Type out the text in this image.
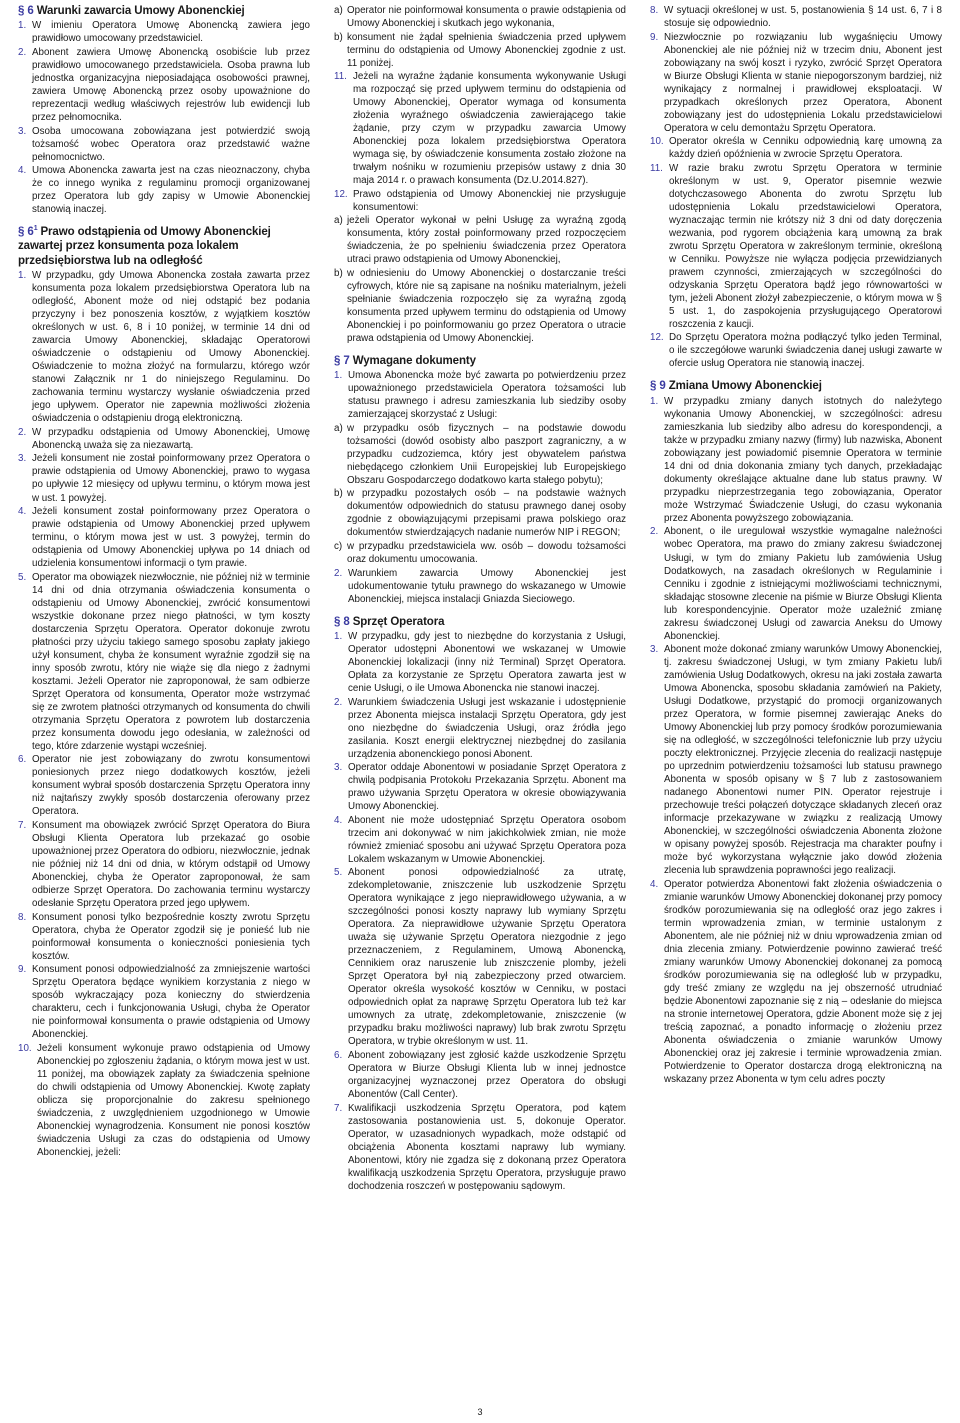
§ 6 Warunki zawarcia Umowy Abonenckiej
1. W imieniu Operatora Umowę Abonencką zawiera jego prawidłowo umocowany przedstawiciel.
2. Abonent zawiera Umowę Abonencką osobiście lub przez prawidłowo umocowanego przedstawiciela. Osoba prawna lub jednostka organizacyjna nieposiadająca osobowości prawnej, zawiera Umowę Abonencką przez osoby upoważnione do reprezentacji według właściwych rejestrów lub ewidencji lub przez pełnomocnika.
3. Osoba umocowana zobowiązana jest potwierdzić swoją tożsamość wobec Operatora oraz przedstawić ważne pełnomocnictwo.
4. Umowa Abonencka zawarta jest na czas nieoznaczony, chyba że co innego wynika z regulaminu promocji organizowanej przez Operatora lub gdy zapisy w Umowie Abonenckiej stanowią inaczej.
§ $6^1$ Prawo odstąpienia od Umowy Abonenckiej zawartej przez konsumenta poza lokalem przedsiębiorstwa lub na odległość
1. W przypadku, gdy Umowa Abonencka została zawarta przez konsumenta poza lokalem przedsiębiorstwa Operatora lub na odległość, Abonent może od niej odstąpić bez podania przyczyny i bez ponoszenia kosztów, z wyjątkiem kosztów określonych w ust. 6, 8 i 10 poniżej, w terminie 14 dni od zawarcia Umowy Abonenckiej, składając Operatorowi oświadczenie o odstąpieniu od Umowy Abonenckiej. Oświadczenie to można złożyć na formularzu, którego wzór stanowi Załącznik nr 1 do niniejszego Regulaminu. Do zachowania terminu wystarczy wysłanie oświadczenia przed jego upływem. Operator nie zapewnia możliwości złożenia oświadczenia o odstąpieniu drogą elektroniczną.
2. W przypadku odstąpienia od Umowy Abonenckiej, Umowę Abonencką uważa się za niezawartą.
3. Jeżeli konsument nie został poinformowany przez Operatora o prawie odstąpienia od Umowy Abonenckiej, prawo to wygasa po upływie 12 miesięcy od upływu terminu, o którym mowa jest w ust. 1 powyżej.
4. Jeżeli konsument został poinformowany przez Operatora o prawie odstąpienia od Umowy Abonenckiej przed upływem terminu, o którym mowa jest w ust. 3 powyżej, termin do odstąpienia od Umowy Abonenckiej upływa po 14 dniach od udzielenia konsumentowi informacji o tym prawie.
5. Operator ma obowiązek niezwłocznie, nie później niż w terminie 14 dni od dnia otrzymania oświadczenia konsumenta o odstąpieniu od Umowy Abonenckiej, zwrócić konsumentowi wszystkie dokonane przez niego płatności, w tym koszty dostarczenia Sprzętu Operatora. Operator dokonuje zwrotu płatności przy użyciu takiego samego sposobu zapłaty jakiego użył konsument, chyba że konsument wyraźnie zgodził się na inny sposób zwrotu, który nie wiąże się dla niego z żadnymi kosztami. Jeżeli Operator nie zaproponował, że sam odbierze Sprzęt Operatora od konsumenta, Operator może wstrzymać się ze zwrotem płatności otrzymanych od konsumenta do chwili otrzymania Sprzętu Operatora z powrotem lub dostarczenia przez konsumenta dowodu jego odesłania, w zależności od tego, które zdarzenie wystąpi wcześniej.
6. Operator nie jest zobowiązany do zwrotu konsumentowi poniesionych przez niego dodatkowych kosztów, jeżeli konsument wybrał sposób dostarczenia Sprzętu Operatora inny niż najtańszy zwykły sposób dostarczenia oferowany przez Operatora.
7. Konsument ma obowiązek zwrócić Sprzęt Operatora do Biura Obsługi Klienta Operatora lub przekazać go osobie upoważnionej przez Operatora do odbioru, niezwłocznie, jednak nie później niż 14 dni od dnia, w którym odstąpił od Umowy Abonenckiej, chyba że Operator zaproponował, że sam odbierze Sprzęt Operatora. Do zachowania terminu wystarczy odesłanie Sprzętu Operatora przed jego upływem.
8. Konsument ponosi tylko bezpośrednie koszty zwrotu Sprzętu Operatora, chyba że Operator zgodził się je ponieść lub nie poinformował konsumenta o konieczności poniesienia tych kosztów.
9. Konsument ponosi odpowiedzialność za zmniejszenie wartości Sprzętu Operatora będące wynikiem korzystania z niego w sposób wykraczający poza konieczny do stwierdzenia charakteru, cech i funkcjonowania Usługi, chyba że Operator nie poinformował konsumenta o prawie odstąpienia od Umowy Abonenckiej.
10. Jeżeli konsument wykonuje prawo odstąpienia od Umowy Abonenckiej po zgłoszeniu żądania, o którym mowa jest w ust. 11 poniżej, ma obowiązek zapłaty za świadczenia spełnione do chwili odstąpienia od Umowy Abonenckiej. Kwotę zapłaty oblicza się proporcjonalnie do zakresu spełnionego świadczenia, z uwzględnieniem uzgodnionego w Umowie Abonenckiej wynagrodzenia. Konsument nie ponosi kosztów świadczenia Usługi za czas do odstąpienia od Umowy Abonenckiej, jeżeli:
a) Operator nie poinformował konsumenta o prawie odstąpienia od Umowy Abonenckiej i skutkach jego wykonania,
b) konsument nie żądał spełnienia świadczenia przed upływem terminu do odstąpienia od Umowy Abonenckiej zgodnie z ust. 11 poniżej.
11. Jeżeli na wyraźne żądanie konsumenta wykonywanie Usługi ma rozpocząć się przed upływem terminu do odstąpienia od Umowy Abonenckiej, Operator wymaga od konsumenta złożenia wyraźnego oświadczenia zawierającego takie żądanie, przy czym w przypadku zawarcia Umowy Abonenckiej poza lokalem przedsiębiorstwa Operatora wymaga się, by oświadczenie konsumenta zostało złożone na trwałym nośniku w rozumieniu przepisów ustawy z dnia 30 maja 2014 r. o prawach konsumenta (Dz.U.2014.827).
12. Prawo odstąpienia od Umowy Abonenckiej nie przysługuje konsumentowi:
a) jeżeli Operator wykonał w pełni Usługę za wyraźną zgodą konsumenta, który został poinformowany przed rozpoczęciem świadczenia, że po spełnieniu świadczenia przez Operatora utraci prawo odstąpienia od Umowy Abonenckiej,
b) w odniesieniu do Umowy Abonenckiej o dostarczanie treści cyfrowych, które nie są zapisane na nośniku materialnym, jeżeli spełnianie świadczenia rozpoczęło się za wyraźną zgodą konsumenta przed upływem terminu do odstąpienia od Umowy Abonenckiej i po poinformowaniu go przez Operatora o utracie prawa odstąpienia od Umowy Abonenckiej.
§ 7 Wymagane dokumenty
1. Umowa Abonencka może być zawarta po potwierdzeniu przez upoważnionego przedstawiciela Operatora tożsamości lub statusu prawnego i adresu zamieszkania lub siedziby osoby zamierzającej skorzystać z Usługi:
a) w przypadku osób fizycznych – na podstawie dowodu tożsamości (dowód osobisty albo paszport zagraniczny, a w przypadku cudzoziemca, który jest obywatelem państwa niebędącego członkiem Unii Europejskiej lub Europejskiego Obszaru Gospodarczego dodatkowo karta stałego pobytu);
b) w przypadku pozostałych osób – na podstawie ważnych dokumentów odpowiednich do statusu prawnego danej osoby zgodnie z obowiązującymi przepisami prawa polskiego oraz dokumentów stwierdzających nadanie numerów NIP i REGON;
c) w przypadku przedstawiciela ww. osób – dowodu tożsamości oraz dokumentu umocowania.
2. Warunkiem zawarcia Umowy Abonenckiej jest udokumentowanie tytułu prawnego do wskazanego w Umowie Abonenckiej, miejsca instalacji Gniazda Sieciowego.
§ 8 Sprzęt Operatora
1. W przypadku, gdy jest to niezbędne do korzystania z Usługi, Operator udostępni Abonentowi we wskazanej w Umowie Abonenckiej lokalizacji (inny niż Terminal) Sprzęt Operatora. Opłata za korzystanie ze Sprzętu Operatora zawarta jest w cenie Usługi, o ile Umowa Abonencka nie stanowi inaczej.
2. Warunkiem świadczenia Usługi jest wskazanie i udostępnienie przez Abonenta miejsca instalacji Sprzętu Operatora, gdy jest ono niezbędne do świadczenia Usługi, oraz źródła jego zasilania. Koszt energii elektrycznej niezbędnej do zasilania urządzenia abonenckiego ponosi Abonent.
3. Operator oddaje Abonentowi w posiadanie Sprzęt Operatora z chwilą podpisania Protokołu Przekazania Sprzętu. Abonent ma prawo używania Sprzętu Operatora w okresie obowiązywania Umowy Abonenckiej.
4. Abonent nie może udostępniać Sprzętu Operatora osobom trzecim ani dokonywać w nim jakichkolwiek zmian, nie może również zmieniać sposobu ani używać Sprzętu Operatora poza Lokalem wskazanym w Umowie Abonenckiej.
5. Abonent ponosi odpowiedzialność za utratę, zdekompletowanie, zniszczenie lub uszkodzenie Sprzętu Operatora wynikające z jego nieprawidłowego używania, a w szczególności ponosi koszty naprawy lub wymiany Sprzętu Operatora. Za nieprawidłowe używanie Sprzętu Operatora uważa się używanie Sprzętu Operatora niezgodnie z jego przeznaczeniem, z Regulaminem, Umową Abonencką, Cennikiem oraz naruszenie lub zniszczenie plomby, jeżeli Sprzęt Operatora był nią zabezpieczony przed otwarciem. Operator określa wysokość kosztów w Cenniku, w postaci odpowiednich opłat za naprawę Sprzętu Operatora lub też kar umownych za utratę, zdekompletowanie, zniszczenie (w przypadku braku możliwości naprawy) lub brak zwrotu Sprzętu Operatora, w trybie określonym w ust. 11.
6. Abonent zobowiązany jest zgłosić każde uszkodzenie Sprzętu Operatora w Biurze Obsługi Klienta lub w innej jednostce organizacyjnej wyznaczonej przez Operatora do obsługi Abonentów (Call Center).
7. Kwalifikacji uszkodzenia Sprzętu Operatora, pod kątem zastosowania postanowienia ust. 5, dokonuje Operator. Operator, w uzasadnionych wypadkach, może odstąpić od obciążenia Abonenta kosztami naprawy lub wymiany. Abonentowi, który nie zgadza się z dokonaną przez Operatora kwalifikacją uszkodzenia Sprzętu Operatora, przysługuje prawo dochodzenia roszczeń w postępowaniu sądowym.
8. W sytuacji określonej w ust. 5, postanowienia § 14 ust. 6, 7 i 8 stosuje się odpowiednio.
9. Niezwłocznie po rozwiązaniu lub wygaśnięciu Umowy Abonenckiej ale nie później niż w trzecim dniu, Abonent jest zobowiązany na swój koszt i ryzyko, zwrócić Sprzęt Operatora w Biurze Obsługi Klienta w stanie niepogorszonym bardziej, niż wynikający z normalnej i prawidłowej eksploatacji. W przypadkach określonych przez Operatora, Abonent zobowiązany jest do udostępnienia Lokalu przedstawicielowi Operatora w celu demontażu Sprzętu Operatora.
10. Operator określa w Cenniku odpowiednią karę umowną za każdy dzień opóźnienia w zwrocie Sprzętu Operatora.
11. W razie braku zwrotu Sprzętu Operatora w terminie określonym w ust. 9, Operator pisemnie wezwie dotychczasowego Abonenta do zwrotu Sprzętu lub udostępnienia Lokalu przedstawicielowi Operatora, wyznaczając termin nie krótszy niż 3 dni od daty doręczenia wezwania, pod rygorem obciążenia karą umowną za brak zwrotu Sprzętu Operatora w zakreślonym terminie, określoną w Cenniku. Powyższe nie wyłącza podjęcia przewidzianych prawem czynności, zmierzających w szczególności do odzyskania Sprzętu Operatora bądź jego równowartości w tym, jeżeli Abonent złożył zabezpieczenie, o którym mowa w § 5 ust. 1, do zaspokojenia przysługującego Operatorowi roszczenia z kaucji.
12. Do Sprzętu Operatora można podłączyć tylko jeden Terminal, o ile szczegółowe warunki świadczenia danej usługi zawarte w ofercie usług Operatora nie stanowią inaczej.
§ 9 Zmiana Umowy Abonenckiej
1. W przypadku zmiany danych istotnych do należytego wykonania Umowy Abonenckiej, w szczególności: adresu zamieszkania lub siedziby albo adresu do korespondencji, a także w przypadku zmiany nazwy (firmy) lub nazwiska, Abonent zobowiązany jest powiadomić pisemnie Operatora w terminie 14 dni od dnia dokonania zmiany tych danych, przekładając dokumenty określające aktualne dane lub status prawny. W przypadku nieprzestrzegania tego zobowiązania, Operator może Wstrzymać Świadczenie Usługi, do czasu wykonania przez Abonenta powyższego zobowiązania.
2. Abonent, o ile uregulował wszystkie wymagalne należności wobec Operatora, ma prawo do zmiany zakresu świadczonej Usługi, w tym do zmiany Pakietu lub zamówienia Usług Dodatkowych, na zasadach określonych w Regulaminie i Cenniku i zgodnie z istniejącymi możliwościami technicznymi, składając stosowne zlecenie na piśmie w Biurze Obsługi Klienta lub korespondencyjnie. Operator może uzależnić zmianę zakresu świadczonej Usługi od zawarcia Aneksu do Umowy Abonenckiej.
3. Abonent może dokonać zmiany warunków Umowy Abonenckiej, tj. zakresu świadczonej Usługi, w tym zmiany Pakietu lub/i zamówienia Usług Dodatkowych, okresu na jaki została zawarta Umowa Abonencka, sposobu składania zamówień na Pakiety, Usługi Dodatkowe, przystąpić do promocji organizowanych przez Operatora, w formie pisemnej zawierając Aneks do Umowy Abonenckiej lub przy pomocy środków porozumiewania się na odległość, w szczególności telefonicznie lub przy użyciu poczty elektronicznej. Przyjęcie zlecenia do realizacji następuje po uprzednim potwierdzeniu tożsamości lub statusu prawnego Abonenta w sposób opisany w § 7 lub z zastosowaniem nadanego Abonentowi numer PIN. Operator rejestruje i przechowuje treści połączeń dotyczące składanych zleceń oraz informacje przekazywane w związku z realizacją Umowy Abonenckiej, w szczególności oświadczenia Abonenta złożone w opisany powyżej sposób. Rejestracja ma charakter poufny i może być wykorzystana wyłącznie jako dowód złożenia zlecenia lub sprawdzenia poprawności jego realizacji.
4. Operator potwierdza Abonentowi fakt złożenia oświadczenia o zmianie warunków Umowy Abonenckiej dokonanej przy pomocy środków porozumiewania się na odległość oraz jego zakres i termin wprowadzenia zmian, w terminie ustalonym z Abonentem, ale nie później niż w dniu wprowadzenia zmian od dnia zlecenia zmiany. Potwierdzenie powinno zawierać treść zmiany warunków Umowy Abonenckiej dokonanej za pomocą środków porozumiewania się na odległość lub w przypadku, gdy treść zmiany ze względu na jej obszerność utrudniać będzie Abonentowi zapoznanie się z nią – odesłanie do miejsca na stronie internetowej Operatora, gdzie Abonent może się z jej treścią zapoznać, a ponadto informację o złożeniu przez Abonenta oświadczenia o zmianie warunków Umowy Abonenckiej oraz jej zakresie i terminie wprowadzenia zmian. Potwierdzenie to Operator dostarcza drogą elektroniczną na wskazany przez Abonenta w tym celu adres poczty
3
